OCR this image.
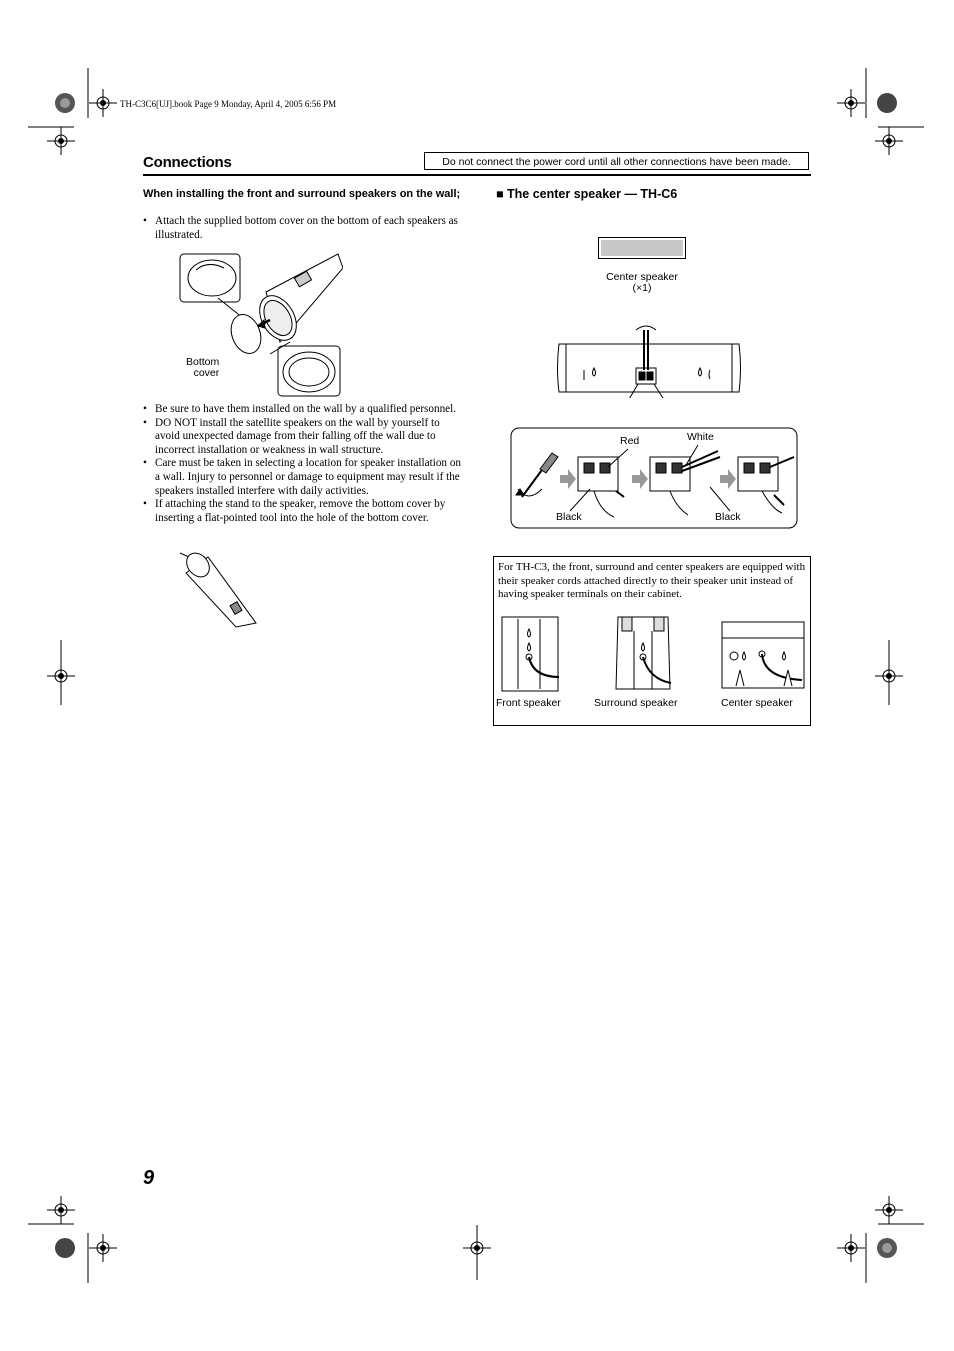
TH-C3C6[UJ].book Page 9 Monday, April 4, 2005 6:56 PM
Connections	Do not connect the power cord until all other connections have been made.
When installing the front and surround speakers on the wall;
• Attach the supplied bottom cover on the bottom of each speakers as illustrated.
Bottom
cover
• Be sure to have them installed on the wall by a qualified personnel.
• DO NOT install the satellite speakers on the wall by yourself to avoid unexpected damage from their falling off the wall due to incorrect installation or weakness in wall structure.
• Care must be taken in selecting a location for speaker installation on a wall. Injury to personnel or damage to equipment may result if the speakers installed interfere with daily activities.
• If attaching the stand to the speaker, remove the bottom cover by inserting a flat-pointed tool into the hole of the bottom cover.
■ The center speaker — TH-C6
Center speaker
(×1)
Red	White
Black	Black
For TH-C3, the front, surround and center speakers are equipped with their speaker cords attached directly to their speaker unit instead of having speaker terminals on their cabinet.
Front speaker	Surround speaker	Center speaker
9
